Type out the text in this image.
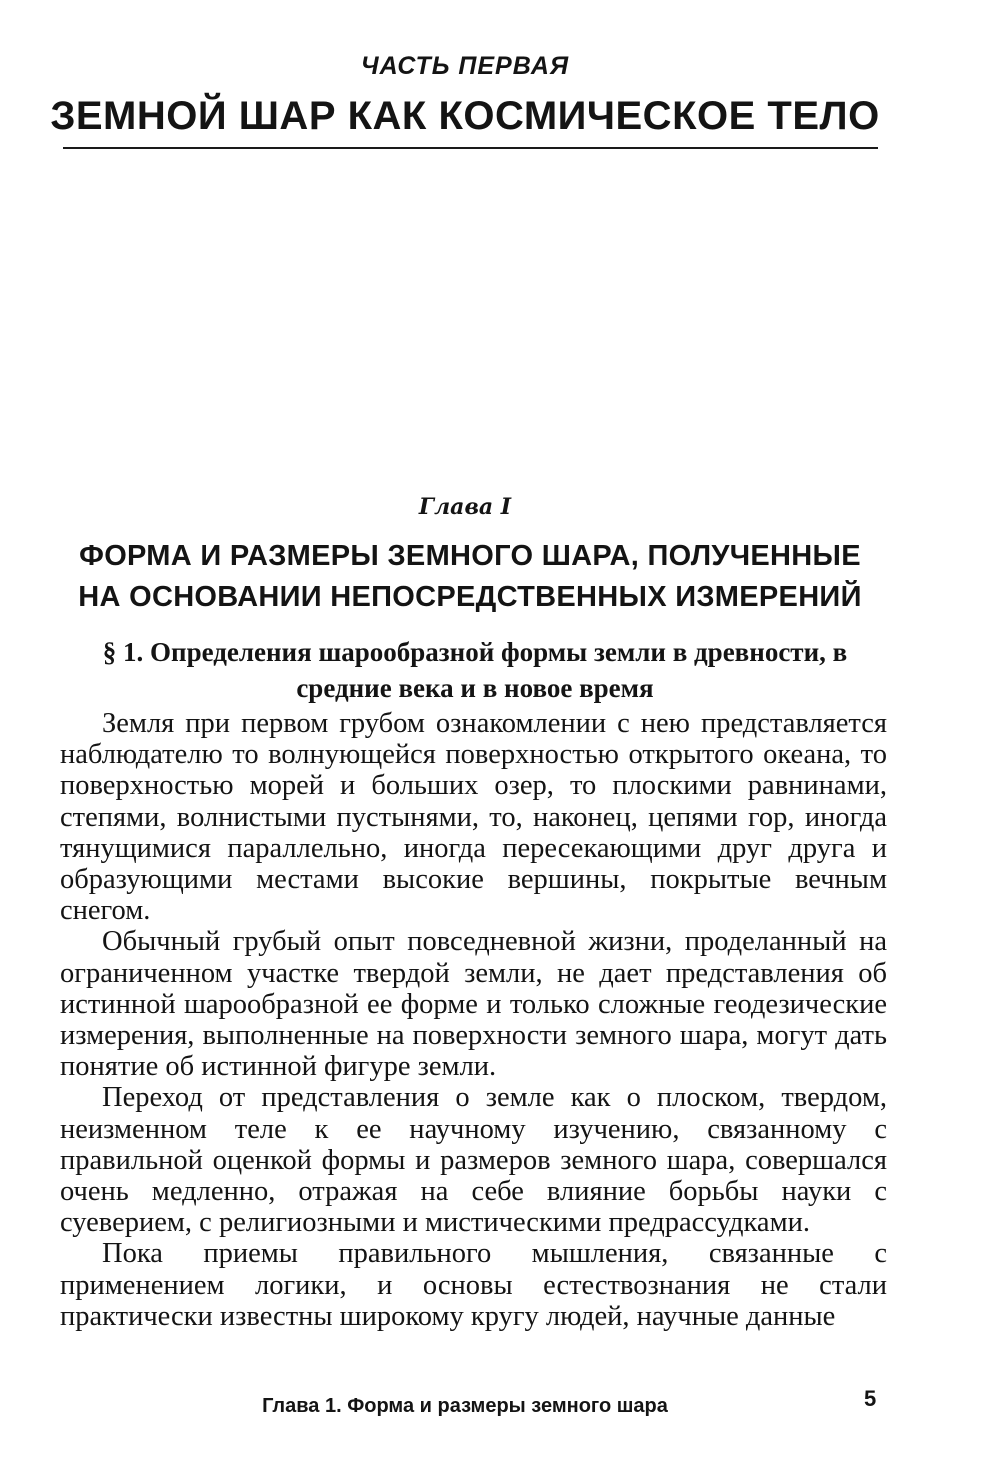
ЧАСТЬ ПЕРВАЯ
ЗЕМНОЙ ШАР КАК КОСМИЧЕСКОЕ ТЕЛО
Глава I
ФОРМА И РАЗМЕРЫ ЗЕМНОГО ШАРА, ПОЛУЧЕННЫЕ НА ОСНОВАНИИ НЕПОСРЕДСТВЕННЫХ ИЗМЕРЕНИЙ
§ 1. Определения шарообразной формы земли в древности, в средние века и в новое время

Земля при первом грубом ознакомлении с нею представляется наблюдателю то волнующейся поверхностью открытого океана, то поверхностью морей и больших озер, то плоскими равнинами, степями, волнистыми пустынями, то, наконец, цепями гор, иногда тянущимися параллельно, иногда пересекающими друг друга и образующими местами высокие вершины, покрытые вечным снегом.

Обычный грубый опыт повседневной жизни, проделанный на ограниченном участке твердой земли, не дает представления об истинной шарообразной ее форме и только сложные геодезические измерения, выполненные на поверхности земного шара, могут дать понятие об истинной фигуре земли.

Переход от представления о земле как о плоском, твердом, неизменном теле к ее научному изучению, связанному с правильной оценкой формы и размеров земного шара, совершался очень медленно, отражая на себе влияние борьбы науки с суеверием, с религиозными и мистическими предрассудками.

Пока приемы правильного мышления, связанные с применением логики, и основы естествознания не стали практически известны широкому кругу людей, научные данные

Глава 1. Форма и размеры земного шара	5
